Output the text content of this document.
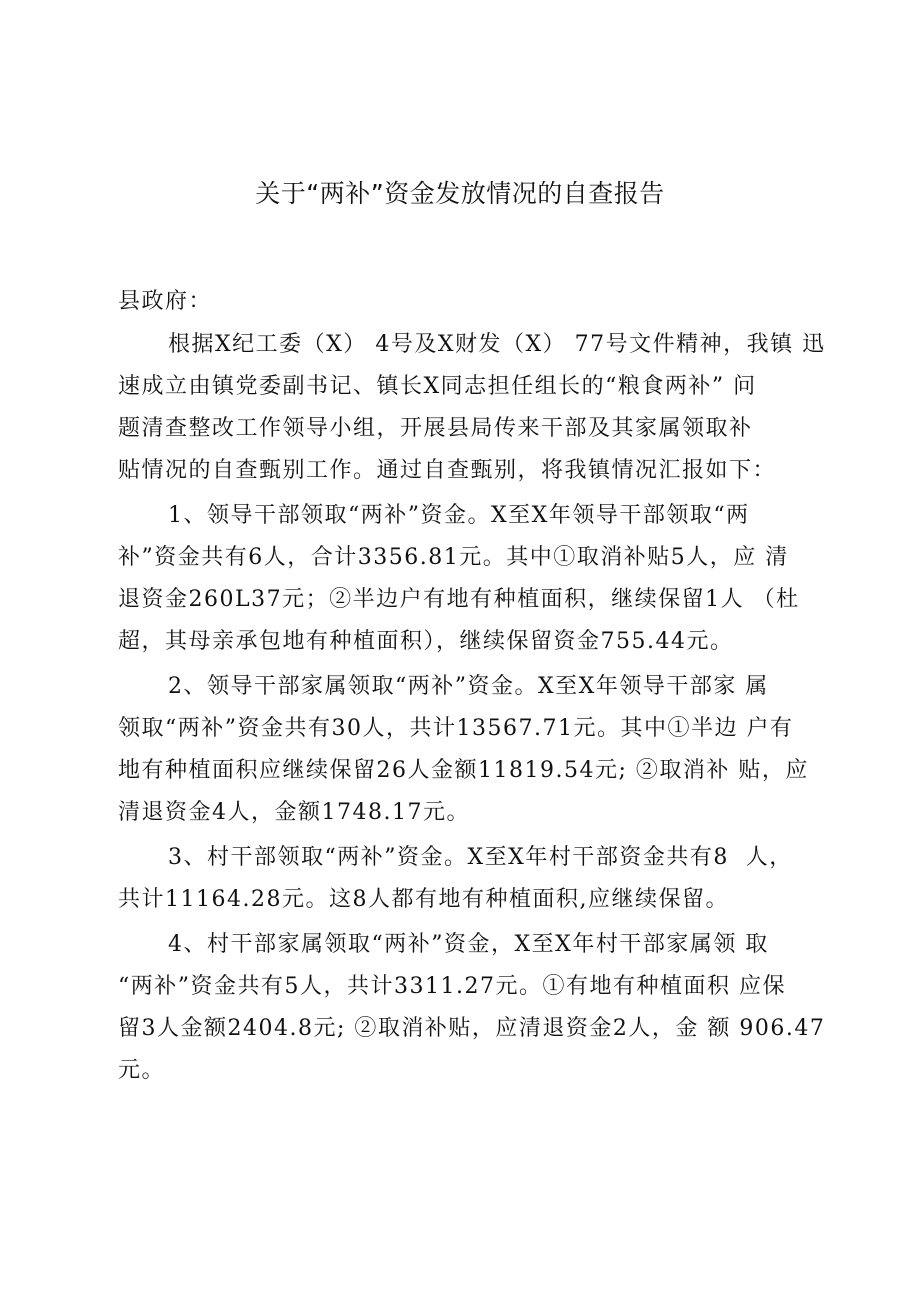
关于“两补”资金发放情况的自查报告
县政府：
根据X纪工委（X） 4号及X财发（X） 77号文件精神，我镇 迅
速成立由镇党委副书记、镇长X同志担任组长的“粮食两补” 问
题清查整改工作领导小组，开展县局传来干部及其家属领取补
贴情况的自查甄别工作。通过自查甄别，将我镇情况汇报如下：
1、领导干部领取“两补”资金。X至X年领导干部领取“两
补”资金共有6人，合计3356.81元。其中①取消补贴5人，应 清
退资金260L37元；②半边户有地有种植面积，继续保留1人 （杜
超，其母亲承包地有种植面积），继续保留资金755.44元。
2、领导干部家属领取“两补”资金。X至X年领导干部家 属
领取“两补”资金共有30人，共计13567.71元。其中①半边 户有
地有种植面积应继续保留26人金额11819.54元; ②取消补 贴，应
清退资金4人，金额1748.17元。
3、村干部领取“两补”资金。X至X年村干部资金共有8  人，
共计11164.28元。这8人都有地有种植面积,应继续保留。
4、村干部家属领取“两补”资金，X至X年村干部家属领 取
“两补”资金共有5人，共计3311.27元。①有地有种植面积 应保
留3人金额2404.8元; ②取消补贴，应清退资金2人，金 额 906.47
元。
